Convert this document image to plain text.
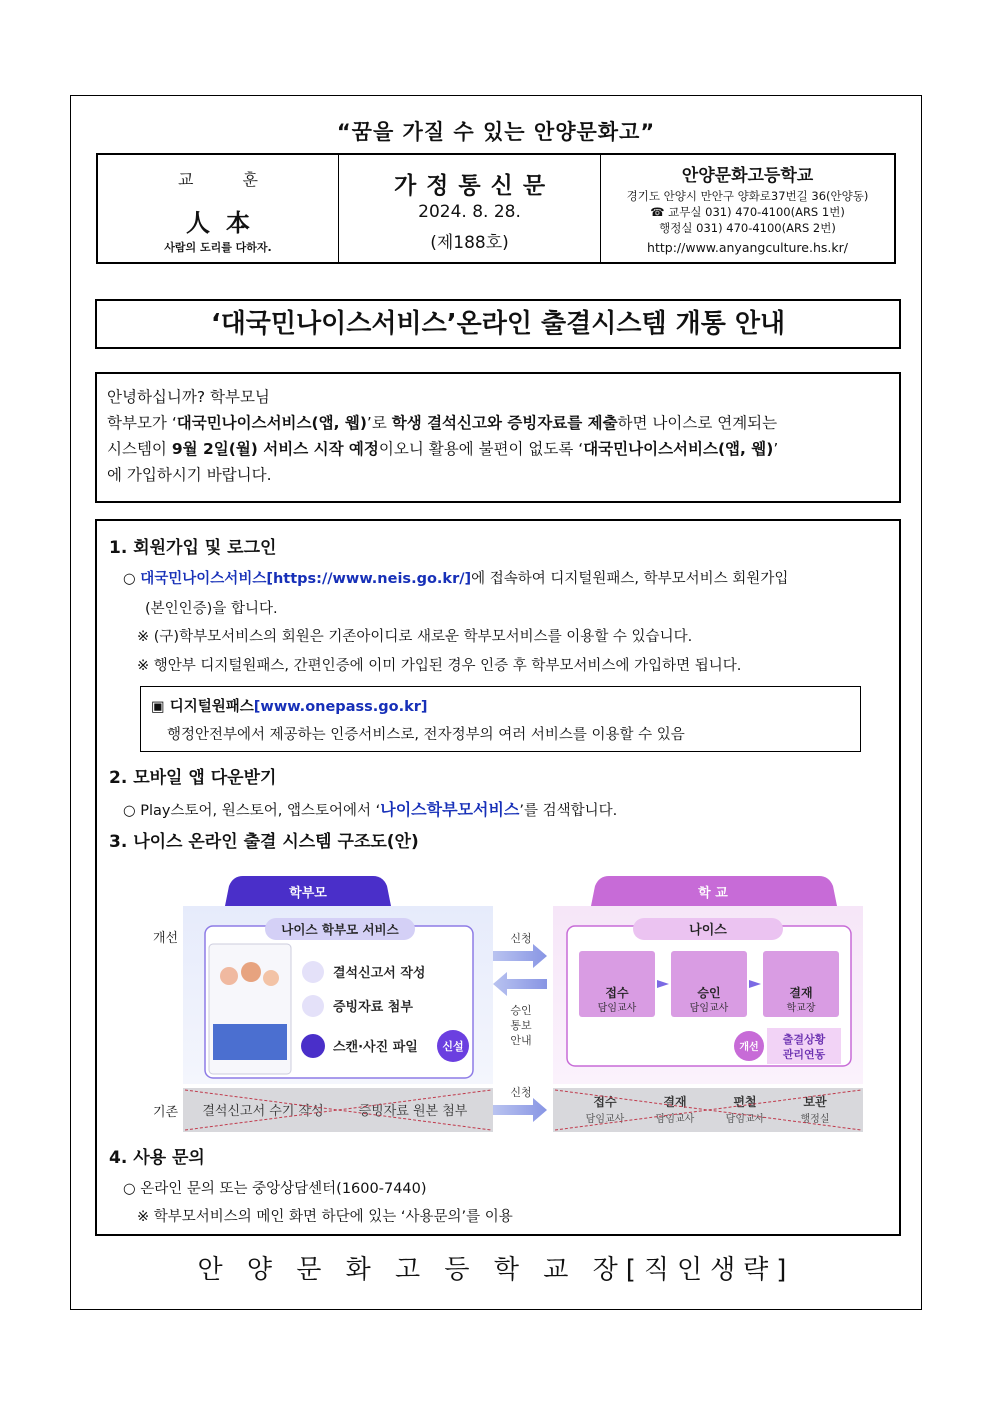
“꿈을 가질 수 있는 안양문화고”
교 훈
人本
사람의 도리를 다하자.
가정통신문
2024. 8. 28.
(제188호)
안양문화고등학교
경기도 안양시 만안구 양화로37번길 36(안양동)
☎ 교무실 031) 470-4100(ARS 1번)
행정실 031) 470-4100(ARS 2번)
http://www.anyangculture.hs.kr/
‘대국민나이스서비스’온라인 출결시스템 개통 안내
안녕하십니까? 학부모님
학부모가 ‘대국민나이스서비스(앱, 웹)’로 학생 결석신고와 증빙자료를 제출하면 나이스로 연계되는
시스템이 9월 2일(월) 서비스 시작 예정이오니 활용에 불편이 없도록 ‘대국민나이스서비스(앱, 웹)’
에 가입하시기 바랍니다.
1. 회원가입 및 로그인
○ 대국민나이스서비스[https://www.neis.go.kr/]에 접속하여 디지털원패스, 학부모서비스 회원가입
(본인인증)을 합니다.
※ (구)학부모서비스의 회원은 기존아이디로 새로운 학부모서비스를 이용할 수 있습니다.
※ 행안부 디지털원패스, 간편인증에 이미 가입된 경우 인증 후 학부모서비스에 가입하면 됩니다.
▣ 디지털원패스[www.onepass.go.kr]
행정안전부에서 제공하는 인증서비스로, 전자정부의 여러 서비스를 이용할 수 있음
2. 모바일 앱 다운받기
○ Play스토어, 원스토어, 앱스토어에서 ‘나이스학부모서비스’를 검색합니다.
3. 나이스 온라인 출결 시스템 구조도(안)
학부모	학 교
나이스 학부모 서비스
결석신고서 작성
증빙자료 첨부
스캔·사진 파일 신설
개선
기존
신청
승인
통보
안내
나이스
접수
담임교사
승인
담임교사
결재
학교장
개선
출결상황
관리연동
결석신고서 수기 작성	증빙자료 원본 첨부
신청
접수
담임교사
결재
담임교사
편철
담임교사
보관
행정실
4. 사용 문의
○ 온라인 문의 또는 중앙상담센터(1600-7440)
※ 학부모서비스의 메인 화면 하단에 있는 ‘사용문의’를 이용
안 양 문 화 고 등 학 교 장[직인생략]
